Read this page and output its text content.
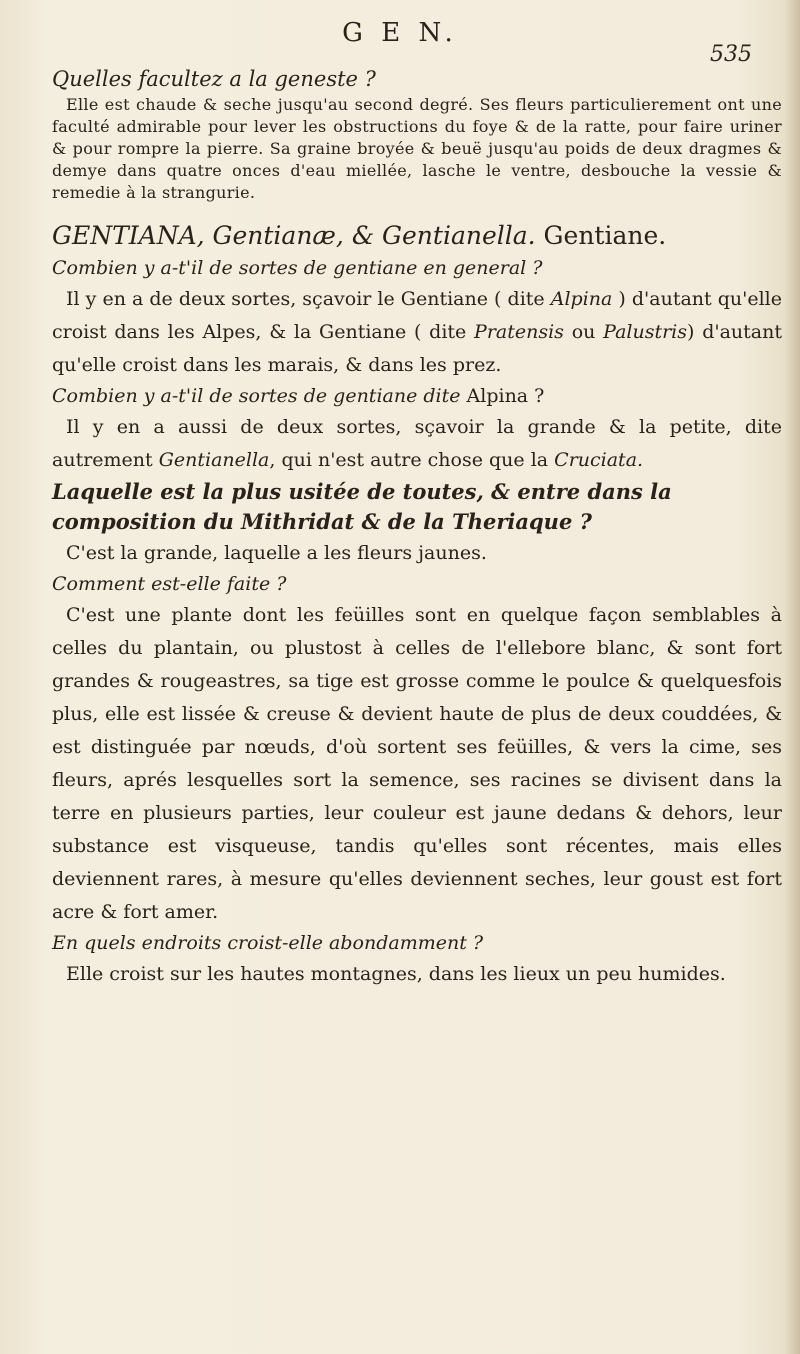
G E N.
535

Quelles facultez a la geneste ?

Elle est chaude & seche jusqu'au second degré. Ses fleurs particulierement ont une faculté admirable pour lever les obstructions du foye & de la ratte, pour faire uriner & pour rompre la pierre. Sa graine broyée & beuë jusqu'au poids de deux dragmes & demye dans quatre onces d'eau miellée, lasche le ventre, desbouche la vessie & remedie à la strangurie.

GENTIANA, Gentianæ, & Gentianella. Gentiane.

Combien y a-t'il de sortes de gentiane en general ?

Il y en a de deux sortes, sçavoir le Gentiane ( dite Alpina ) d'autant qu'elle croist dans les Alpes, & la Gentiane ( dite Pratensis ou Palustris) d'autant qu'elle croist dans les marais, & dans les prez.

Combien y a-t'il de sortes de gentiane dite Alpina ?

Il y en a aussi de deux sortes, sçavoir la grande & la petite, dite autrement Gentianella, qui n'est autre chose que la Cruciata.

Laquelle est la plus usitée de toutes, & entre dans la composition du Mithridat & de la Theriaque ?

C'est la grande, laquelle a les fleurs jaunes.

Comment est-elle faite ?

C'est une plante dont les feüilles sont en quelque façon semblables à celles du plantain, ou plustost à celles de l'ellebore blanc, & sont fort grandes & rougeastres, sa tige est grosse comme le poulce & quelquesfois plus, elle est lissée & creuse & devient haute de plus de deux couddées, & est distinguée par nœuds, d'où sortent ses feüilles, & vers la cime, ses fleurs, aprés lesquelles sort la semence, ses racines se divisent dans la terre en plusieurs parties, leur couleur est jaune dedans & dehors, leur substance est visqueuse, tandis qu'elles sont récentes, mais elles deviennent rares, à mesure qu'elles deviennent seches, leur goust est fort acre & fort amer.

En quels endroits croist-elle abondamment ?

Elle croist sur les hautes montagnes, dans les lieux un peu humides.
